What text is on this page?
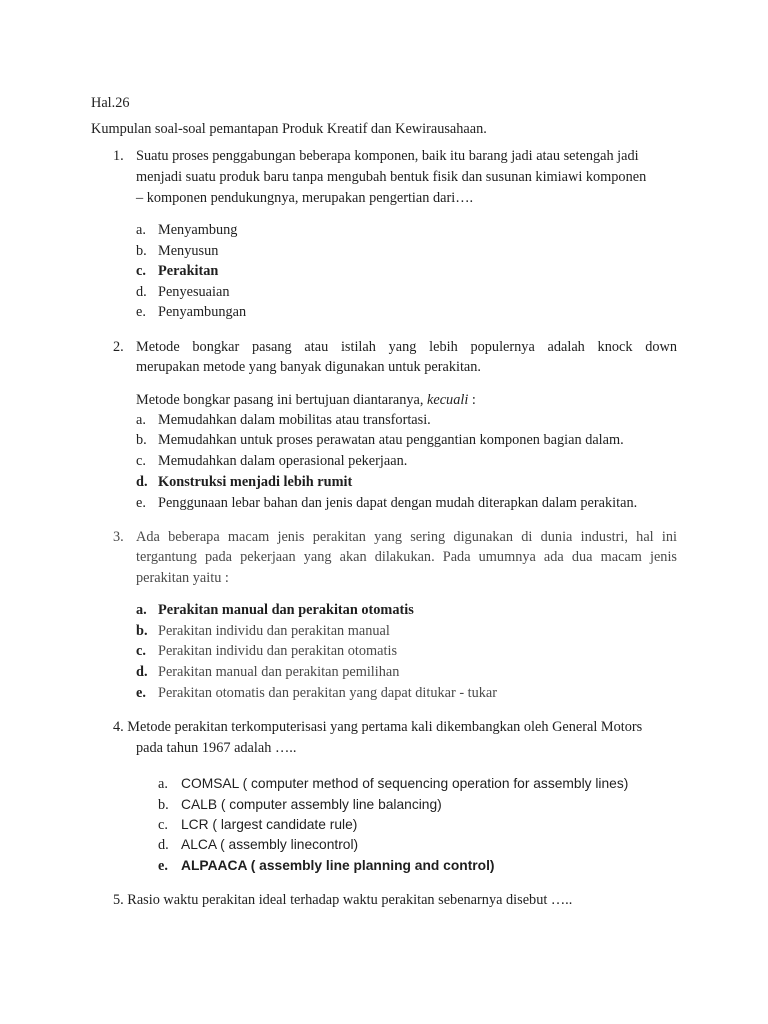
Hal.26
Kumpulan soal-soal pemantapan Produk Kreatif dan Kewirausahaan.
1. Suatu proses penggabungan beberapa komponen, baik itu barang jadi atau setengah jadi
menjadi suatu produk baru tanpa mengubah bentuk fisik dan susunan kimiawi komponen
– komponen pendukungnya, merupakan pengertian dari….
a. Menyambung
b. Menyusun
c. Perakitan
d. Penyesuaian
e. Penyambungan
2. Metode bongkar pasang atau istilah yang lebih populernya adalah knock down
merupakan metode yang banyak digunakan untuk perakitan.
Metode bongkar pasang ini bertujuan diantaranya, kecuali :
a. Memudahkan dalam mobilitas atau transfortasi.
b. Memudahkan untuk proses perawatan atau penggantian komponen bagian dalam.
c. Memudahkan dalam operasional pekerjaan.
d. Konstruksi menjadi lebih rumit
e. Penggunaan lebar bahan dan jenis dapat dengan mudah diterapkan dalam perakitan.
3. Ada beberapa macam jenis perakitan yang sering digunakan di dunia industri, hal ini
tergantung pada pekerjaan yang akan dilakukan. Pada umumnya ada dua macam jenis
perakitan yaitu :
a. Perakitan manual dan perakitan otomatis
b. Perakitan individu dan perakitan manual
c. Perakitan individu dan perakitan otomatis
d. Perakitan manual dan perakitan pemilihan
e. Perakitan otomatis dan perakitan yang dapat ditukar - tukar
4. Metode perakitan terkomputerisasi yang pertama kali dikembangkan oleh General Motors
pada tahun 1967 adalah …..
a. COMSAL ( computer method of sequencing operation for assembly lines)
b. CALB ( computer assembly line balancing)
c. LCR ( largest candidate rule)
d. ALCA ( assembly linecontrol)
e. ALPAACA ( assembly line planning and control)
5. Rasio waktu perakitan ideal terhadap waktu perakitan sebenarnya disebut …..
